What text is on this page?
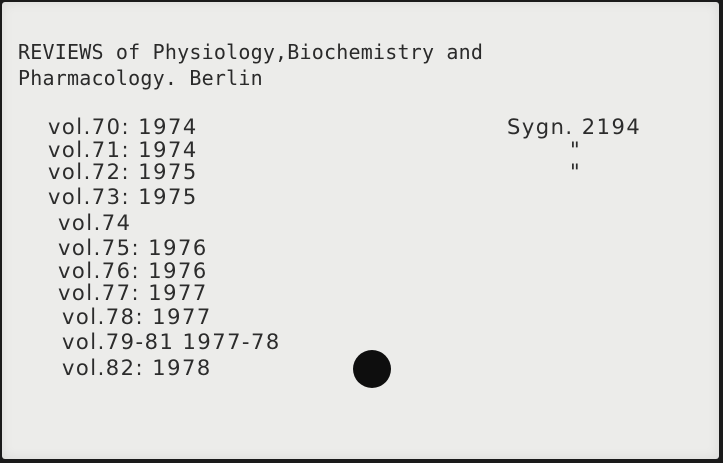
REVIEWS of Physiology,Biochemistry and
Pharmacology. Berlin
vol.70: 1974
vol.71: 1974
vol.72: 1975
vol.73: 1975
vol.74
vol.75: 1976
vol.76: 1976
vol.77: 1977
vol.78: 1977
vol.79-81 1977-78
vol.82: 1978
Sygn. 2194
"
"
